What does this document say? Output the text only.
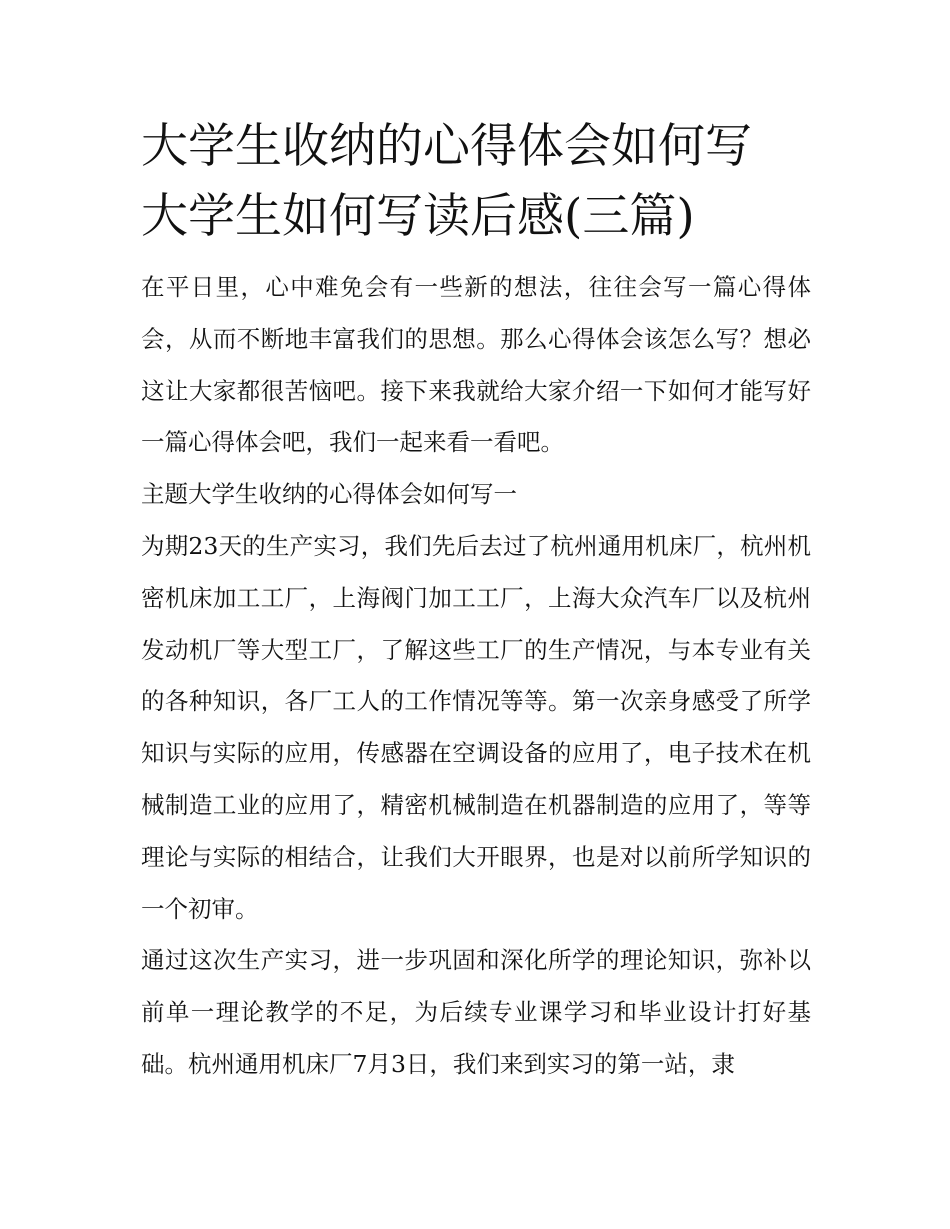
大学生收纳的心得体会如何写
大学生如何写读后感(三篇)

在平日里，心中难免会有一些新的想法，往往会写一篇心得体会，从而不断地丰富我们的思想。那么心得体会该怎么写？想必这让大家都很苦恼吧。接下来我就给大家介绍一下如何才能写好一篇心得体会吧，我们一起来看一看吧。

主题大学生收纳的心得体会如何写一

为期23天的生产实习，我们先后去过了杭州通用机床厂，杭州机密机床加工工厂，上海阀门加工工厂，上海大众汽车厂以及杭州发动机厂等大型工厂，了解这些工厂的生产情况，与本专业有关的各种知识，各厂工人的工作情况等等。第一次亲身感受了所学知识与实际的应用，传感器在空调设备的应用了，电子技术在机械制造工业的应用了，精密机械制造在机器制造的应用了，等等理论与实际的相结合，让我们大开眼界，也是对以前所学知识的一个初审。

通过这次生产实习，进一步巩固和深化所学的理论知识，弥补以前单一理论教学的不足，为后续专业课学习和毕业设计打好基础。杭州通用机床厂7月3日，我们来到实习的第一站，隶
